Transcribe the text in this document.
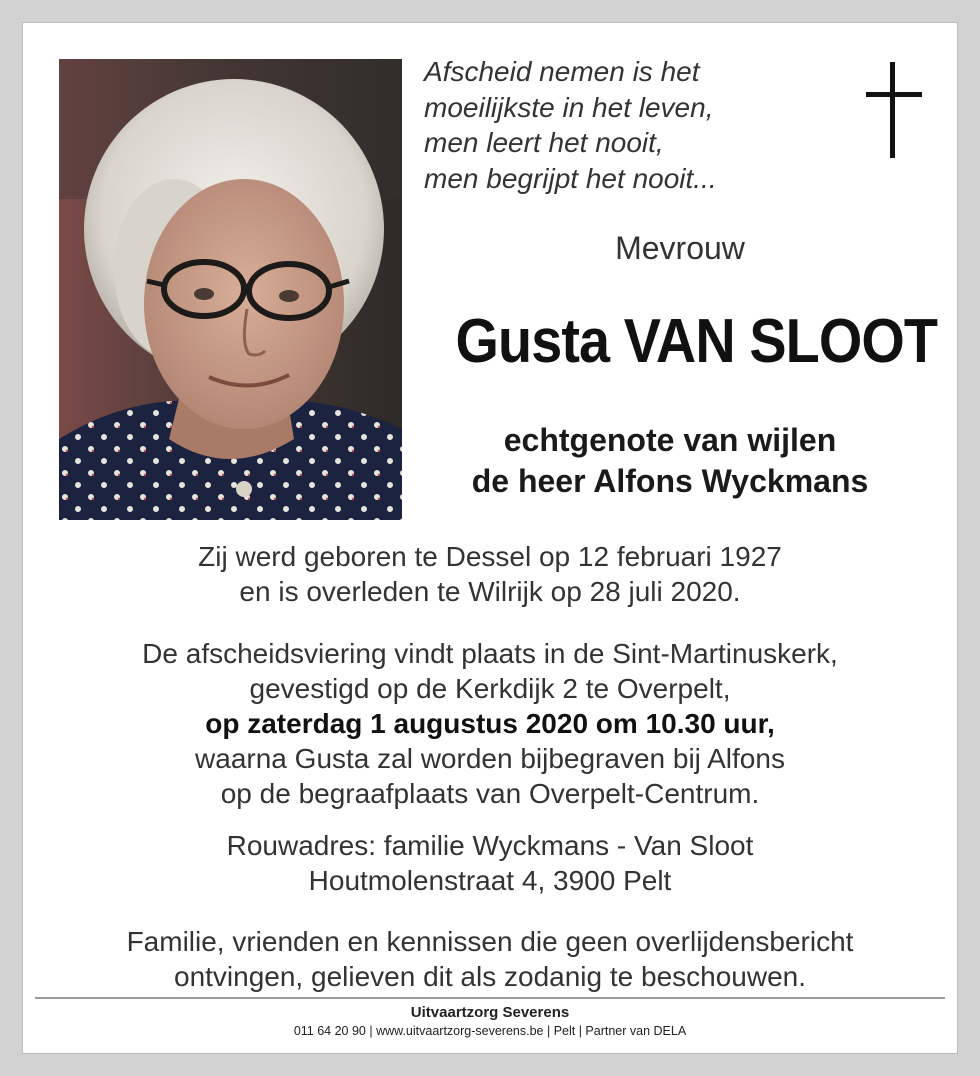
Afscheid nemen is het
moeilijkste in het leven,
men leert het nooit,
men begrijpt het nooit...
Mevrouw
Gusta VAN SLOOT
echtgenote van wijlen
de heer Alfons Wyckmans
Zij werd geboren te Dessel op 12 februari 1927
en is overleden te Wilrijk op 28 juli 2020.
De afscheidsviering vindt plaats in de Sint-Martinuskerk,
gevestigd op de Kerkdijk 2 te Overpelt,
op zaterdag 1 augustus 2020 om 10.30 uur,
waarna Gusta zal worden bijbegraven bij Alfons
op de begraafplaats van Overpelt-Centrum.
Rouwadres: familie Wyckmans - Van Sloot
Houtmolenstraat 4, 3900 Pelt
Familie, vrienden en kennissen die geen overlijdensbericht
ontvingen, gelieven dit als zodanig te beschouwen.
Uitvaartzorg Severens
011 64 20 90 | www.uitvaartzorg-severens.be | Pelt | Partner van DELA
